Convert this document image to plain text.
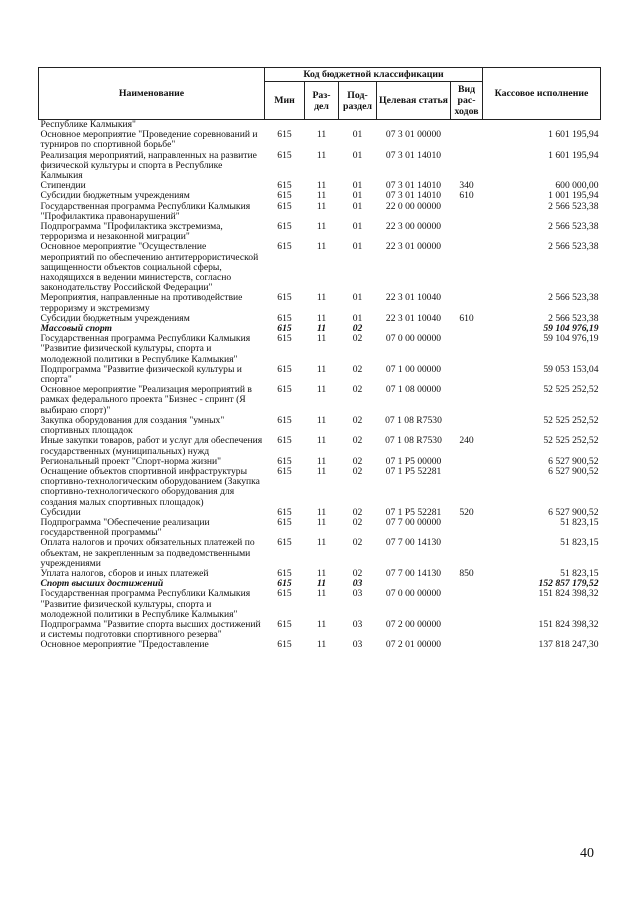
Наименование	Код бюджетной классификации					Кассовое исполнение
	Мин	Раз-дел	Под-раздел	Целевая статья	Вид рас-ходов	
Республике Калмыкия"						
Основное мероприятие "Проведение соревнований и турниров по спортивной борьбе"	615	11	01	07 3 01 00000		1 601 195,94
Реализация мероприятий, направленных на развитие физической культуры и спорта в Республике Калмыкия	615	11	01	07 3 01 14010		1 601 195,94
Стипендии	615	11	01	07 3 01 14010	340	600 000,00
Субсидии бюджетным учреждениям	615	11	01	07 3 01 14010	610	1 001 195,94
Государственная программа Республики Калмыкия "Профилактика правонарушений"	615	11	01	22 0 00 00000		2 566 523,38
Подпрограмма "Профилактика экстремизма, терроризма и незаконной миграции"	615	11	01	22 3 00 00000		2 566 523,38
Основное мероприятие "Осуществление мероприятий по обеспечению антитеррористической защищенности объектов социальной сферы, находящихся в ведении министерств, согласно законодательству Российской Федерации"	615	11	01	22 3 01 00000		2 566 523,38
Мероприятия, направленные на противодействие терроризму и экстремизму	615	11	01	22 3 01 10040		2 566 523,38
Субсидии бюджетным учреждениям	615	11	01	22 3 01 10040	610	2 566 523,38
Массовый спорт	615	11	02			59 104 976,19
Государственная программа Республики Калмыкия "Развитие физической культуры, спорта и молодежной политики в Республике Калмыкия"	615	11	02	07 0 00 00000		59 104 976,19
Подпрограмма "Развитие физической культуры и спорта"	615	11	02	07 1 00 00000		59 053 153,04
Основное мероприятие "Реализация мероприятий в рамках федерального проекта "Бизнес - спринт (Я выбираю спорт)"	615	11	02	07 1 08 00000		52 525 252,52
Закупка оборудования для создания "умных" спортивных площадок	615	11	02	07 1 08 R7530		52 525 252,52
Иные закупки товаров, работ и услуг для обеспечения государственных (муниципальных) нужд	615	11	02	07 1 08 R7530	240	52 525 252,52
Региональный проект "Спорт-норма жизни"	615	11	02	07 1 P5 00000		6 527 900,52
Оснащение объектов спортивной инфраструктуры спортивно-технологическим оборудованием (Закупка спортивно-технологического оборудования для создания малых спортивных площадок)	615	11	02	07 1 P5 52281		6 527 900,52
Субсидии	615	11	02	07 1 P5 52281	520	6 527 900,52
Подпрограмма "Обеспечение реализации государственной программы"	615	11	02	07 7 00 00000		51 823,15
Оплата налогов и прочих обязательных платежей по объектам, не закрепленным за подведомственными учреждениями	615	11	02	07 7 00 14130		51 823,15
Уплата налогов, сборов и иных платежей	615	11	02	07 7 00 14130	850	51 823,15
Спорт высших достижений	615	11	03			152 857 179,52
Государственная программа Республики Калмыкия "Развитие физической культуры, спорта и молодежной политики в Республике Калмыкия"	615	11	03	07 0 00 00000		151 824 398,32
Подпрограмма "Развитие спорта высших достижений и системы подготовки спортивного резерва"	615	11	03	07 2 00 00000		151 824 398,32
Основное мероприятие "Предоставление	615	11	03	07 2 01 00000		137 818 247,30
40
